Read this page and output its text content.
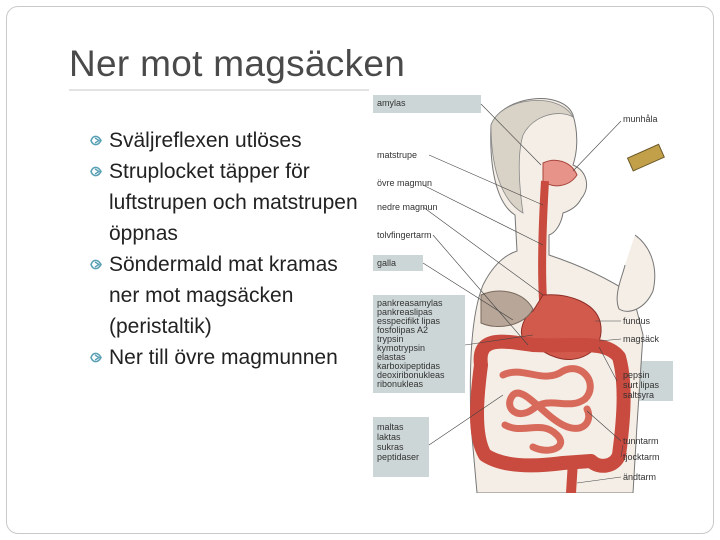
Ner mot magsäcken
Sväljreflexen utlöses
Struplocket täpper för luftstrupen och matstrupen öppnas
Söndermald mat kramas ner mot magsäcken (peristaltik)
Ner till övre magmunnen
amylas
matstrupe
övre magmun
nedre magmun
tolvfingertarm
galla
pankreasamylas
pankreaslipas
esspecifikt lipas
fosfolipas A2
trypsin
kymotrypsin
elastas
karboxipeptidas
deoxiribonukleas
ribonukleas
maltas
laktas
sukras
peptidaser
munhåla
fundus
magsäck
pepsin
surt lipas
saltsyra
tunntarm
tjocktarm
ändtarm
